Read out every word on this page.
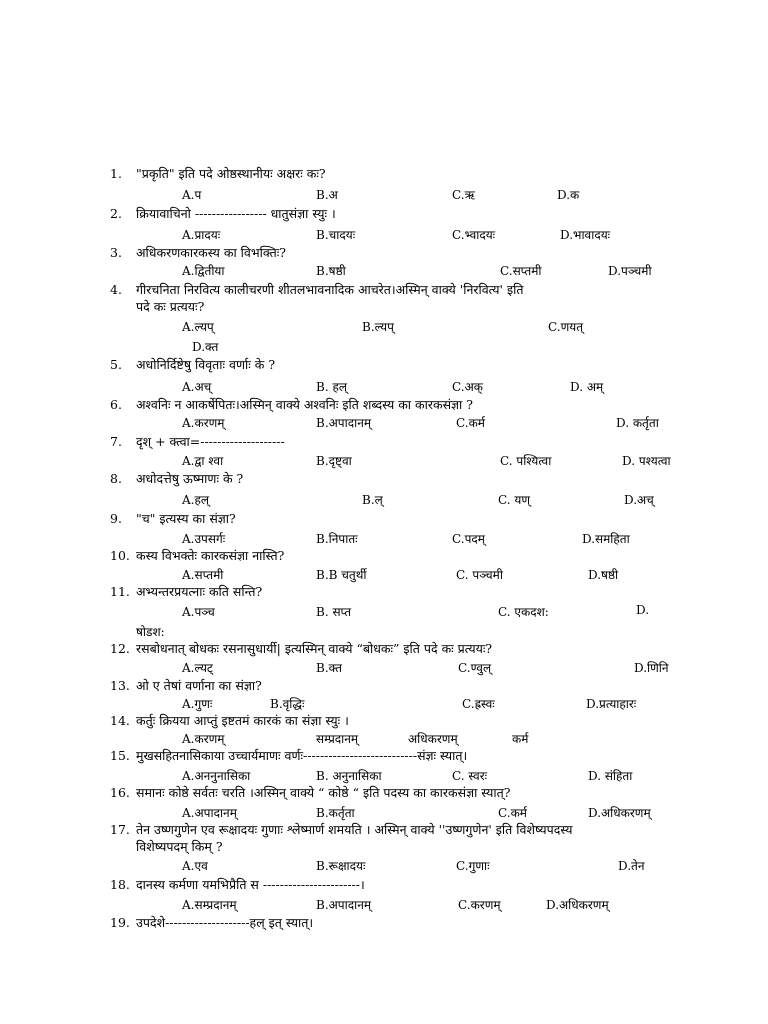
1. "प्रकृति" इति पदे ओष्ठस्थानीयः अक्षरः कः?
A.प	B.अ	C.ऋ	D.क
2. क्रियावाचिनो ----------------- धातुसंज्ञा स्युः ।
A.प्रादयः	B.चादयः	C.भ्वादयः	D.भावादयः
3. अधिकरणकारकस्य का विभक्तिः?
A.द्वितीया	B.षष्ठी	C.सप्तमी	D.पञ्चमी
4. गीरचनिता निरवित्य कालीचरणी शीतलभावनादिक आचरेत।अस्मिन् वाक्ये 'निरवित्य' इति
पदे कः प्रत्ययः?
A.ल्यप्	B.ल्यप्	C.णयत्
D.क्त
5. अधोनिर्दिष्टेषु विवृताः वर्णाः के ?
A.अच्	B. हल्	C.अक्	D. अम्
6. अश्वनिः न आकर्षेपितः।अस्मिन् वाक्ये अश्वनिः इति शब्दस्य का कारकसंज्ञा ?
A.करणम्	B.अपादानम्	C.कर्म	D. कर्तृता
7. दृश् + क्त्वा=--------------------
A.द्वा श्वा	B.दृष्ट्वा	C. पश्यित्वा	D. पश्यत्वा
8. अधोदत्तेषु ऊष्माणः के ?
A.हल्	B.ल्	C. यण्	D.अच्
9. "च" इत्यस्य का संज्ञा?
A.उपसर्गः	B.निपातः	C.पदम्	D.समहिता
10. कस्य विभक्तेः कारकसंज्ञा नास्ति?
A.सप्तमी	B.B चतुर्थी	C. पञ्चमी	D.षष्ठी
11. अभ्यन्तरप्रयत्नाः कति सन्ति?
A.पञ्च	B. सप्त	C. एकदश:	D.
षोडश:
12. रसबोधनात् बोधकः रसनासुधार्यी| इत्यस्मिन् वाक्ये “बोधकः” इति पदे कः प्रत्ययः?
A.ल्यट्	B.क्त	C.ण्वुल्	D.णिनि
13. ओ ए तेषां वर्णाना का संज्ञा?
A.गुणः	B.वृद्धिः	C.ह्रस्वः	D.प्रत्याहारः
14. कर्तुः क्रियया आप्तुं इष्टतमं कारकं का संज्ञा स्युः ।
A.करणम्	सम्प्रदानम्	अधिकरणम्	कर्म
15. मुखसहितनासिकाया उच्चार्यमाणः वर्णः---------------------------संज्ञः स्यात्।
A.अननुनासिका	B. अनुनासिका	C. स्वरः	D. संहिता
16. समानः कोष्ठे सर्वतः चरति ।अस्मिन् वाक्ये “ कोष्ठे “ इति पदस्य का कारकसंज्ञा स्यात्?
A.अपादानम्	B.कर्तृता	C.कर्म	D.अधिकरणम्
17. तेन उष्णगुणेन एव रूक्षादयः गुणाः श्लेष्मार्ण शमयति । अस्मिन् वाक्ये ''उष्णगुणेन' इति विशेष्यपदस्य
विशेष्यपदम् किम् ?
A.एव	B.रूक्षादयः	C.गुणाः	D.तेन
18. दानस्य कर्मणा यमभिप्रैति स -----------------------।
A.सम्प्रदानम्	B.अपादानम्	C.करणम्	D.अधिकरणम्
19. उपदेशे--------------------हल् इत् स्यात्।
